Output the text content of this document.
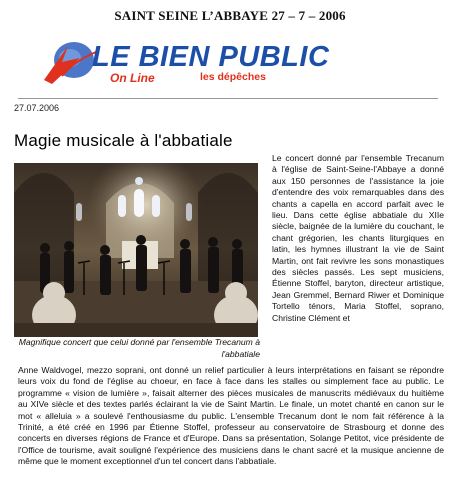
SAINT SEINE L’ABBAYE 27 – 7 – 2006
LE BIEN PUBLIC
On Line	les dépêches
27.07.2006
Magie musicale à l'abbatiale
Magnifique concert que celui donné par l'ensemble Trecanum à l'abbatiale
Le concert donné par l'ensemble Trecanum à l'église de Saint-Seine-l'Abbaye a donné aux 150 personnes de l'assistance la joie d'entendre des voix remarquables dans des chants a capella en accord parfait avec le lieu. Dans cette église abbatiale du XIIe siècle, baignée de la lumière du couchant, le chant grégorien, les chants liturgiques en latin, les hymnes illustrant la vie de Saint Martin, ont fait revivre les sons monastiques des siècles passés. Les sept musiciens, Étienne Stoffel, baryton, directeur artistique, Jean Gremmel, Bernard Riwer et Dominique Tortello ténors, Maria Stoffel, soprano, Christine Clément et
Anne Waldvogel, mezzo soprani, ont donné un relief particulier à leurs interprétations en faisant se répondre leurs voix du fond de l'église au choeur, en face à face dans les stalles ou simplement face au public. Le programme « vision de lumière », faisait alterner des pièces musicales de manuscrits médiévaux du huitième au XIVe siècle et des textes parlés éclairant la vie de Saint Martin. Le finale, un motet chanté en canon sur le mot « alleluia » a soulevé l'enthousiasme du public. L'ensemble Trecanum dont le nom fait référence à la Trinité, a été créé en 1996 par Étienne Stoffel, professeur au conservatoire de Strasbourg et donne des concerts en diverses régions de France et d'Europe. Dans sa présentation, Solange Petitot, vice présidente de l'Office de tourisme, avait souligné l'expérience des musiciens dans le chant sacré et la musique ancienne de même que le moment exceptionnel d'un tel concert dans l'abbatiale.
